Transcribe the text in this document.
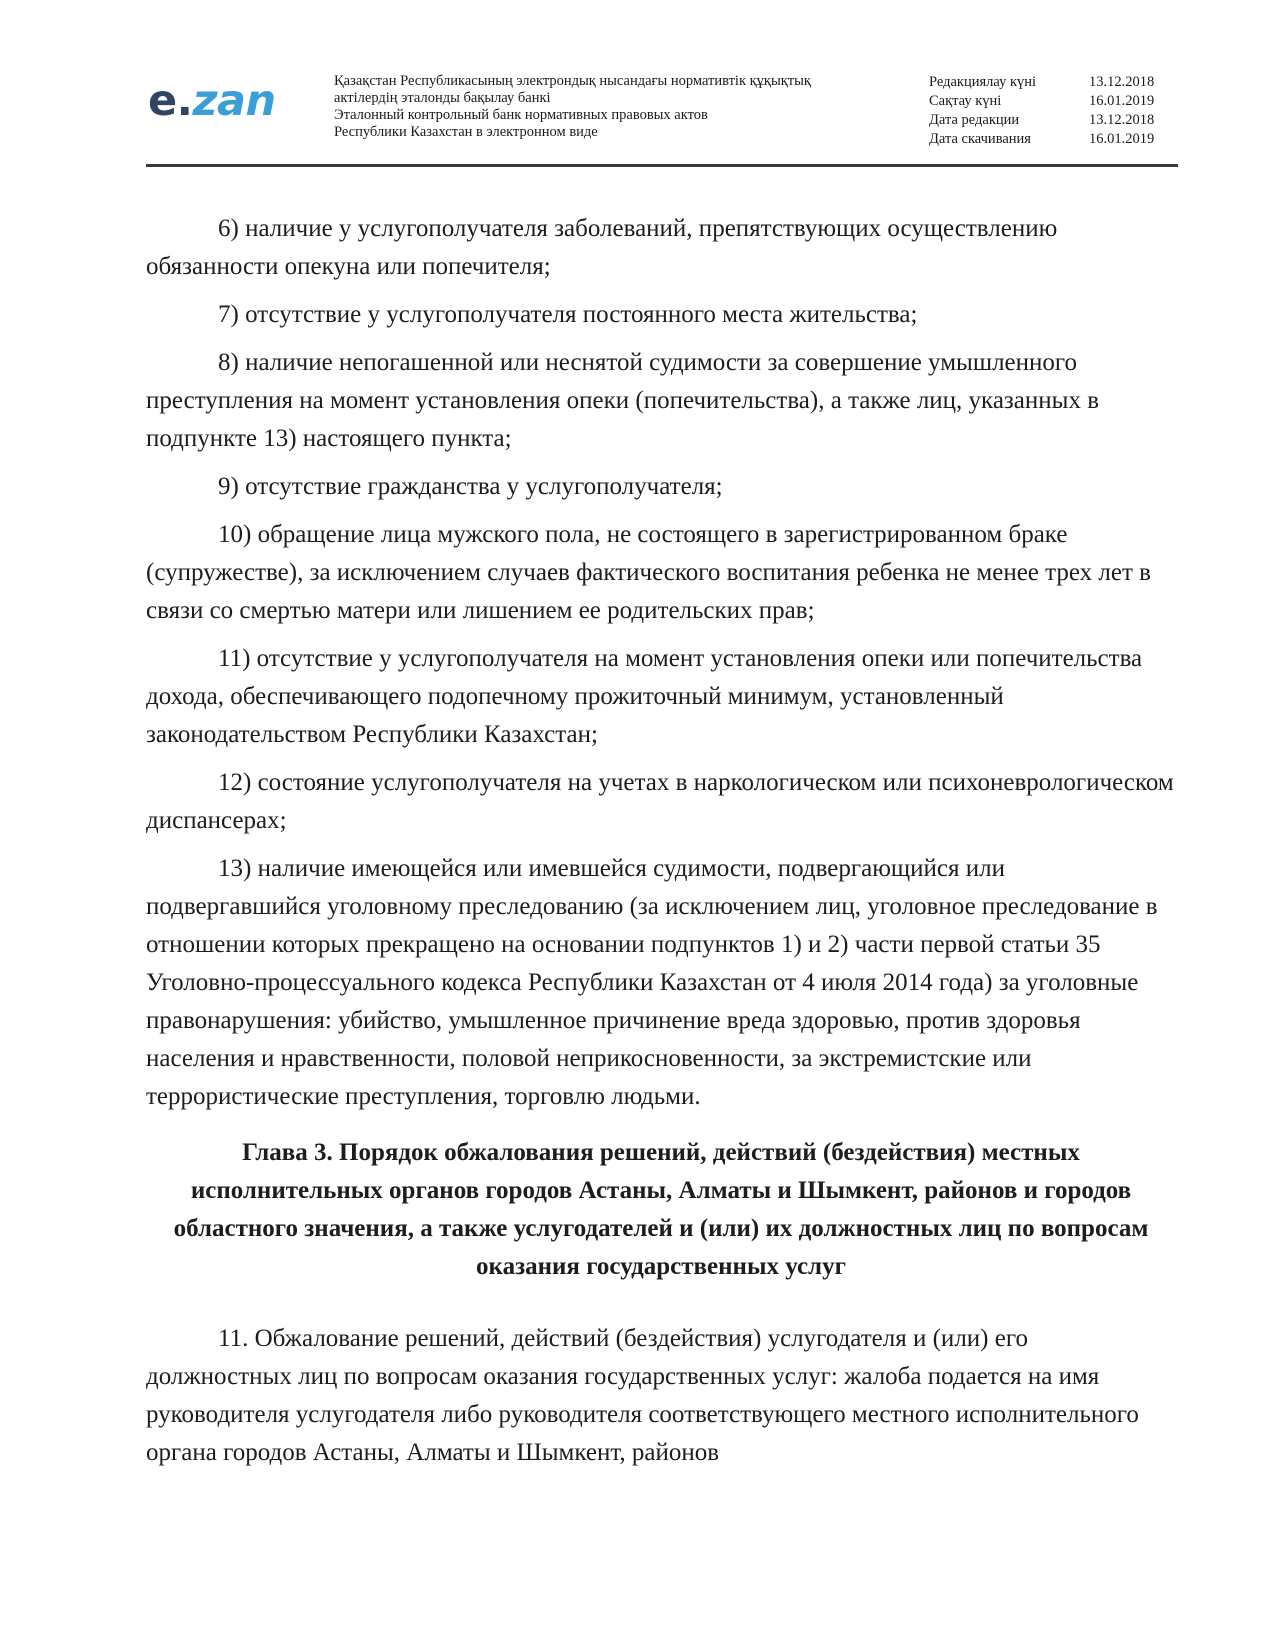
e.zan	Қазақстан Республикасының электрондық нысандағы нормативтік құқықтық
актілердің эталонды бақылау банкі
Эталонный контрольный банк нормативных правовых актов
Республики Казахстан в электронном виде
Редакциялау күні	13.12.2018
Сақтау күні	16.01.2019
Дата редакции	13.12.2018
Дата скачивания	16.01.2019

6) наличие у услугополучателя заболеваний, препятствующих осуществлению обязанности опекуна или попечителя;

7) отсутствие у услугополучателя постоянного места жительства;

8) наличие непогашенной или неснятой судимости за совершение умышленного преступления на момент установления опеки (попечительства), а также лиц, указанных в подпункте 13) настоящего пункта;

9) отсутствие гражданства у услугополучателя;

10) обращение лица мужского пола, не состоящего в зарегистрированном браке (супружестве), за исключением случаев фактического воспитания ребенка не менее трех лет в связи со смертью матери или лишением ее родительских прав;

11) отсутствие у услугополучателя на момент установления опеки или попечительства дохода, обеспечивающего подопечному прожиточный минимум, установленный законодательством Республики Казахстан;

12) состояние услугополучателя на учетах в наркологическом или психоневрологическом диспансерах;

13) наличие имеющейся или имевшейся судимости, подвергающийся или подвергавшийся уголовному преследованию (за исключением лиц, уголовное преследование в отношении которых прекращено на основании подпунктов 1) и 2) части первой статьи 35 Уголовно-процессуального кодекса Республики Казахстан от 4 июля 2014 года) за уголовные правонарушения: убийство, умышленное причинение вреда здоровью, против здоровья населения и нравственности, половой неприкосновенности, за экстремистские или террористические преступления, торговлю людьми.

Глава 3. Порядок обжалования решений, действий (бездействия) местных исполнительных органов городов Астаны, Алматы и Шымкент, районов и городов областного значения, а также услугодателей и (или) их должностных лиц по вопросам оказания государственных услуг

11. Обжалование решений, действий (бездействия) услугодателя и (или) его должностных лиц по вопросам оказания государственных услуг: жалоба подается на имя руководителя услугодателя либо руководителя соответствующего местного исполнительного органа городов Астаны, Алматы и Шымкент, районов
